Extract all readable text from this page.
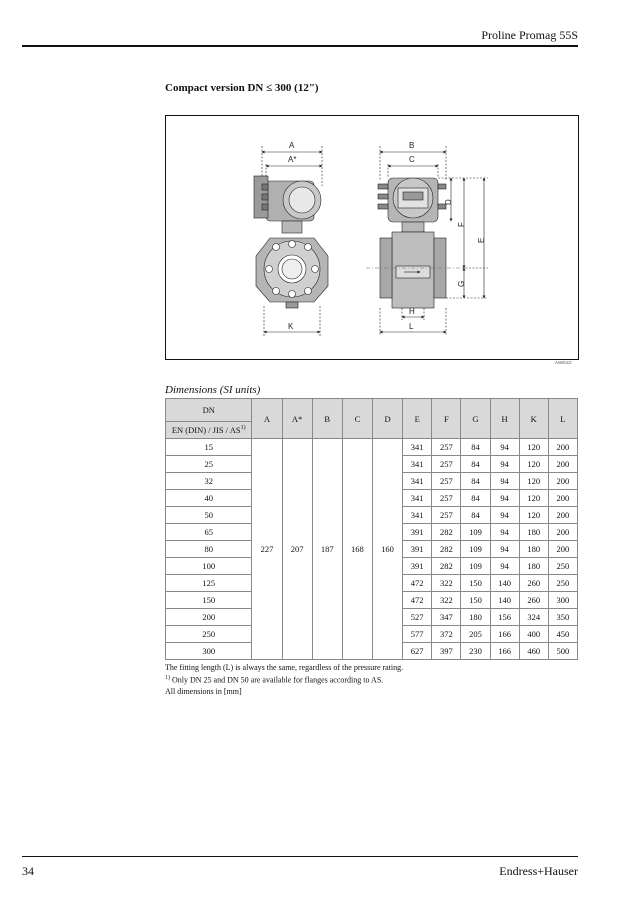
Proline Promag 55S
Compact version DN ≤ 300 (12")
A
A*
K
B
C
H
L
D
F
E
G
A0005421
Dimensions (SI units)
DN	A	A*	B	C	D	E	F	G	H	K	L
EN (DIN) / JIS / AS$^{1)}$
15	227	207	187	168	160	341	257	84	94	120	200
25						341	257	84	94	120	200
32						341	257	84	94	120	200
40						341	257	84	94	120	200
50						341	257	84	94	120	200
65						391	282	109	94	180	200
80						391	282	109	94	180	200
100						391	282	109	94	180	250
125						472	322	150	140	260	250
150						472	322	150	140	260	300
200						527	347	180	156	324	350
250						577	372	205	166	400	450
300						627	397	230	166	460	500
The fitting length (L) is always the same, regardless of the pressure rating.
$^{1)}$ Only DN 25 and DN 50 are available for flanges according to AS.
All dimensions in [mm]
34	Endress+Hauser
